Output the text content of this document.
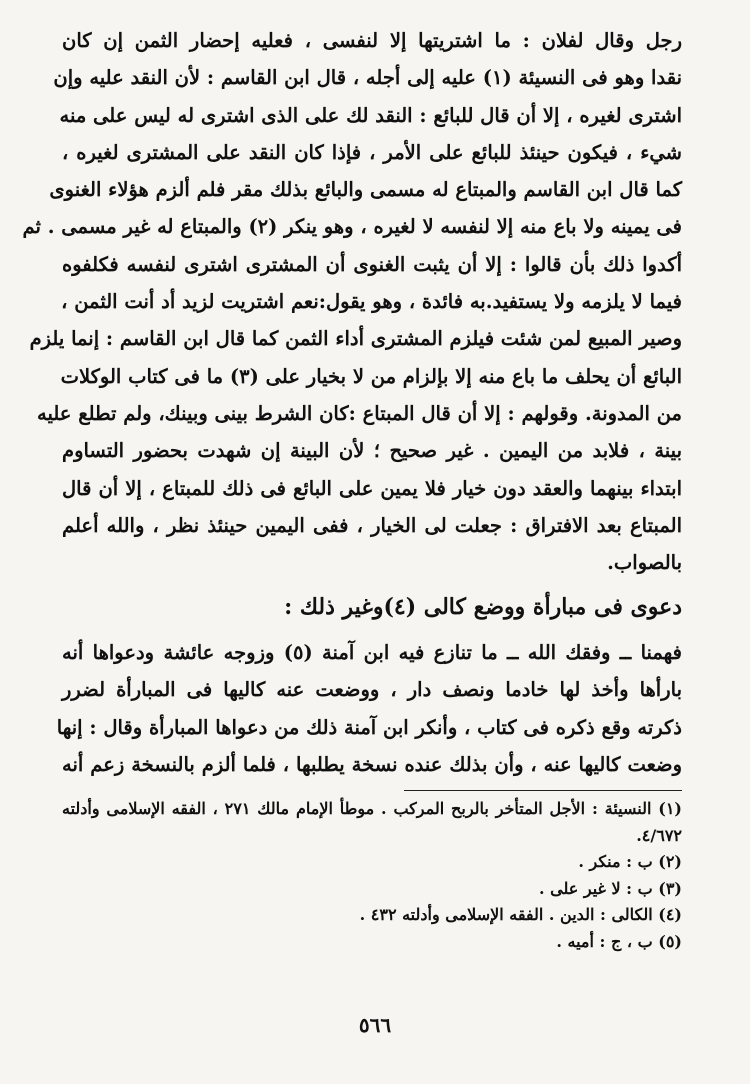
رجل وقال لفلان : ما اشتريتها إلا لنفسى ، فعليه إحضار الثمن إن كان
نقدا وهو فى النسيئة (١) عليه إلى أجله ، قال ابن القاسم : لأن النقد عليه وإن
اشترى لغيره ، إلا أن قال للبائع : النقد لك على الذى اشترى له ليس على منه
شيء ، فيكون حينئذ للبائع على الأمر ، فإذا كان النقد على المشترى لغيره ،
كما قال ابن القاسم والمبتاع له مسمى والبائع بذلك مقر فلم ألزم هؤلاء الغنوى
فى يمينه ولا باع منه إلا لنفسه لا لغيره ، وهو ينكر (٢) والمبتاع له غير مسمى . ثم
أكدوا ذلك بأن قالوا : إلا أن يثبت الغنوى أن المشترى اشترى لنفسه فكلفوه
فيما لا يلزمه ولا يستفيد.به فائدة ، وهو يقول:نعم اشتريت لزيد أد أنت الثمن ،
وصير المبيع لمن شئت فيلزم المشترى أداء الثمن كما قال ابن القاسم : إنما يلزم
البائع أن يحلف ما باع منه إلا بإلزام من لا بخيار على (٣) ما فى كتاب الوكلات
من المدونة. وقولهم : إلا أن قال المبتاع :كان الشرط بينى وبينك، ولم تطلع عليه
بينة ، فلابد من اليمين . غير صحيح ؛ لأن البينة إن شهدت بحضور التساوم
ابتداء بينهما والعقد دون خيار فلا يمين على البائع فى ذلك للمبتاع ، إلا أن قال
المبتاع بعد الافتراق : جعلت لى الخيار ، ففى اليمين حينئذ نظر ، والله أعلم
بالصواب.
دعوى فى مبارأة ووضع كالى (٤)وغير ذلك :
فهمنا ــ وفقك الله ــ ما تنازع فيه ابن آمنة (٥) وزوجه عائشة ودعواها أنه
بارأها وأخذ لها خادما ونصف دار ، ووضعت عنه كاليها فى المبارأة لضرر
ذكرته وقع ذكره فى كتاب ، وأنكر ابن آمنة ذلك من دعواها المبارأة وقال : إنها
وضعت كاليها عنه ، وأن بذلك عنده نسخة يطلبها ، فلما ألزم بالنسخة زعم أنه
(١) النسيئة : الأجل المتأخر بالربح المركب . موطأ الإمام مالك ٢٧١ ، الفقه الإسلامى وأدلته
٤/٦٧٢.
(٢) ب : منكر .
(٣) ب : لا غير على .
(٤) الكالى : الدين . الفقه الإسلامى وأدلته ٤٣٢ .
(٥) ب ، ج : أميه .
٥٦٦
